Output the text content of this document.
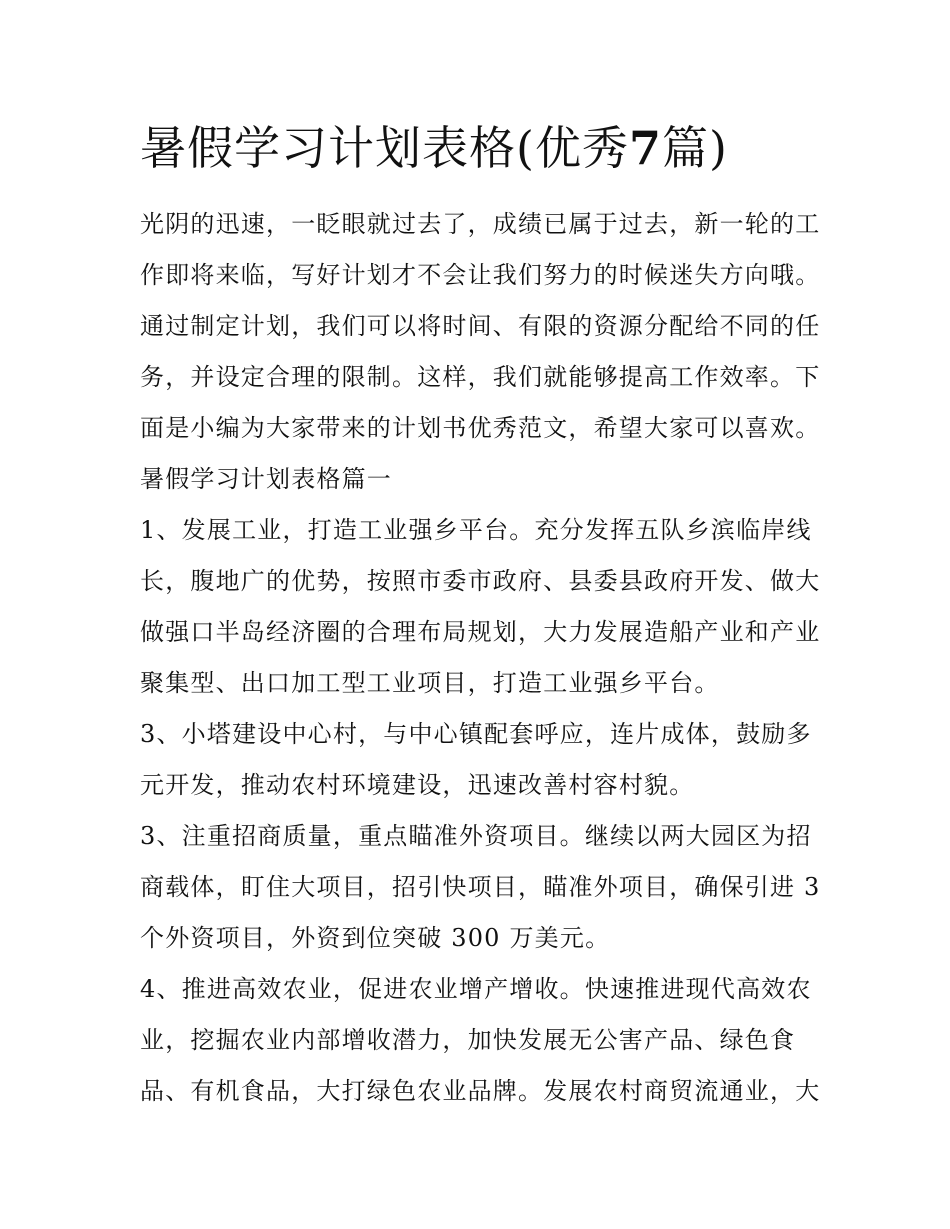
暑假学习计划表格(优秀7篇)

光阴的迅速，一眨眼就过去了，成绩已属于过去，新一轮的工

作即将来临，写好计划才不会让我们努力的时候迷失方向哦。

通过制定计划，我们可以将时间、有限的资源分配给不同的任

务，并设定合理的限制。这样，我们就能够提高工作效率。下

面是小编为大家带来的计划书优秀范文，希望大家可以喜欢。

暑假学习计划表格篇一

1、发展工业，打造工业强乡平台。充分发挥五队乡滨临岸线

长，腹地广的优势，按照市委市政府、县委县政府开发、做大

做强口半岛经济圈的合理布局规划，大力发展造船产业和产业

聚集型、出口加工型工业项目，打造工业强乡平台。

3、小塔建设中心村，与中心镇配套呼应，连片成体，鼓励多

元开发，推动农村环境建设，迅速改善村容村貌。

3、注重招商质量，重点瞄准外资项目。继续以两大园区为招

商载体，盯住大项目，招引快项目，瞄准外项目，确保引进 3

个外资项目，外资到位突破 300 万美元。

4、推进高效农业，促进农业增产增收。快速推进现代高效农

业，挖掘农业内部增收潜力，加快发展无公害产品、绿色食

品、有机食品，大打绿色农业品牌。发展农村商贸流通业，大
